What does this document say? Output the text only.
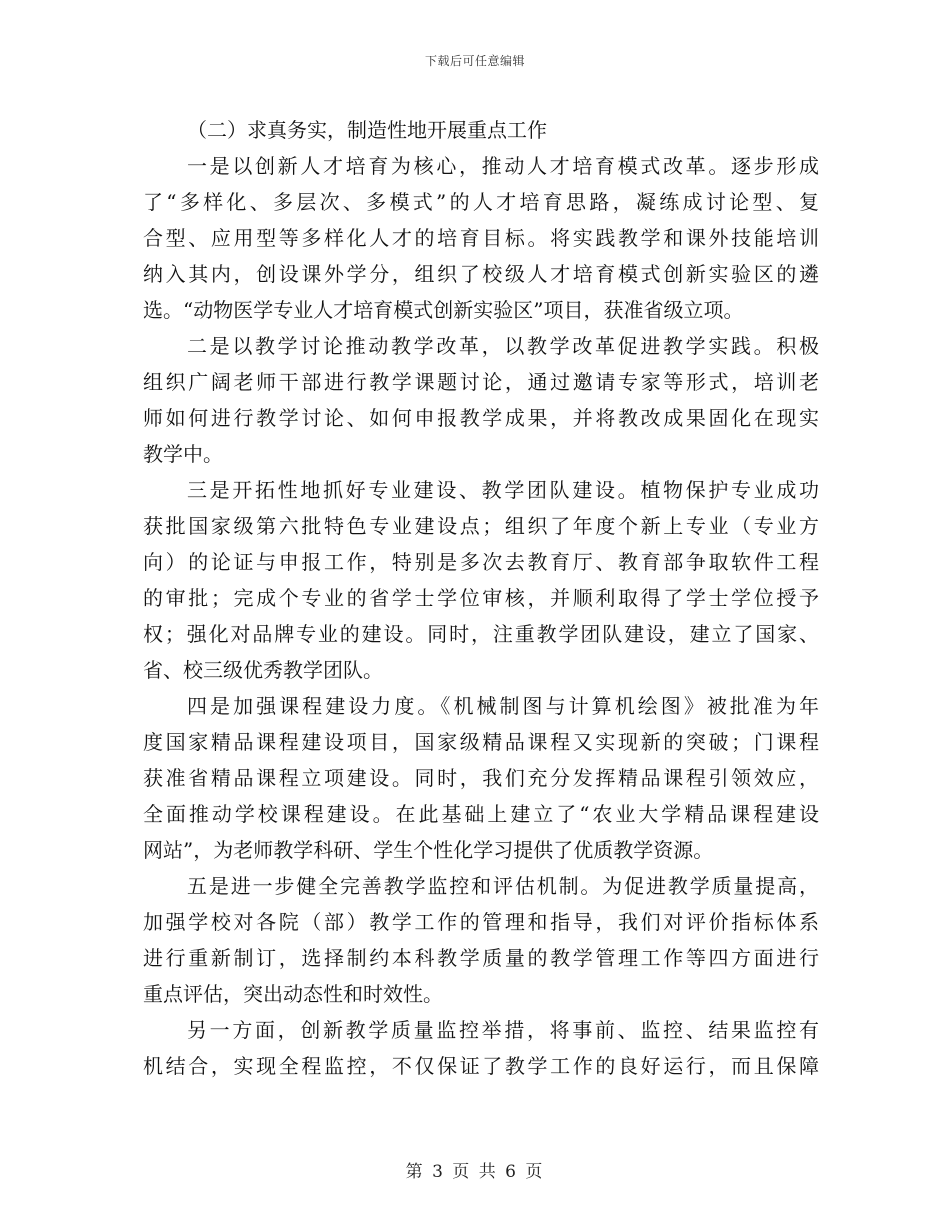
下载后可任意编辑
（二）求真务实，制造性地开展重点工作
一是以创新人才培育为核心，推动人才培育模式改革。逐步形成
了“多样化、多层次、多模式”的人才培育思路，凝练成讨论型、复
合型、应用型等多样化人才的培育目标。将实践教学和课外技能培训
纳入其内，创设课外学分，组织了校级人才培育模式创新实验区的遴
选。“动物医学专业人才培育模式创新实验区”项目，获准省级立项。
二是以教学讨论推动教学改革，以教学改革促进教学实践。积极
组织广阔老师干部进行教学课题讨论，通过邀请专家等形式，培训老
师如何进行教学讨论、如何申报教学成果，并将教改成果固化在现实
教学中。
三是开拓性地抓好专业建设、教学团队建设。植物保护专业成功
获批国家级第六批特色专业建设点；组织了年度个新上专业（专业方
向）的论证与申报工作，特别是多次去教育厅、教育部争取软件工程
的审批；完成个专业的省学士学位审核，并顺利取得了学士学位授予
权；强化对品牌专业的建设。同时，注重教学团队建设，建立了国家、
省、校三级优秀教学团队。
四是加强课程建设力度。《机械制图与计算机绘图》被批准为年
度国家精品课程建设项目，国家级精品课程又实现新的突破；门课程
获准省精品课程立项建设。同时，我们充分发挥精品课程引领效应，
全面推动学校课程建设。在此基础上建立了“农业大学精品课程建设
网站”，为老师教学科研、学生个性化学习提供了优质教学资源。
五是进一步健全完善教学监控和评估机制。为促进教学质量提高，
加强学校对各院（部）教学工作的管理和指导，我们对评价指标体系
进行重新制订，选择制约本科教学质量的教学管理工作等四方面进行
重点评估，突出动态性和时效性。
另一方面，创新教学质量监控举措，将事前、监控、结果监控有
机结合，实现全程监控，不仅保证了教学工作的良好运行，而且保障
第 3 页 共 6 页
